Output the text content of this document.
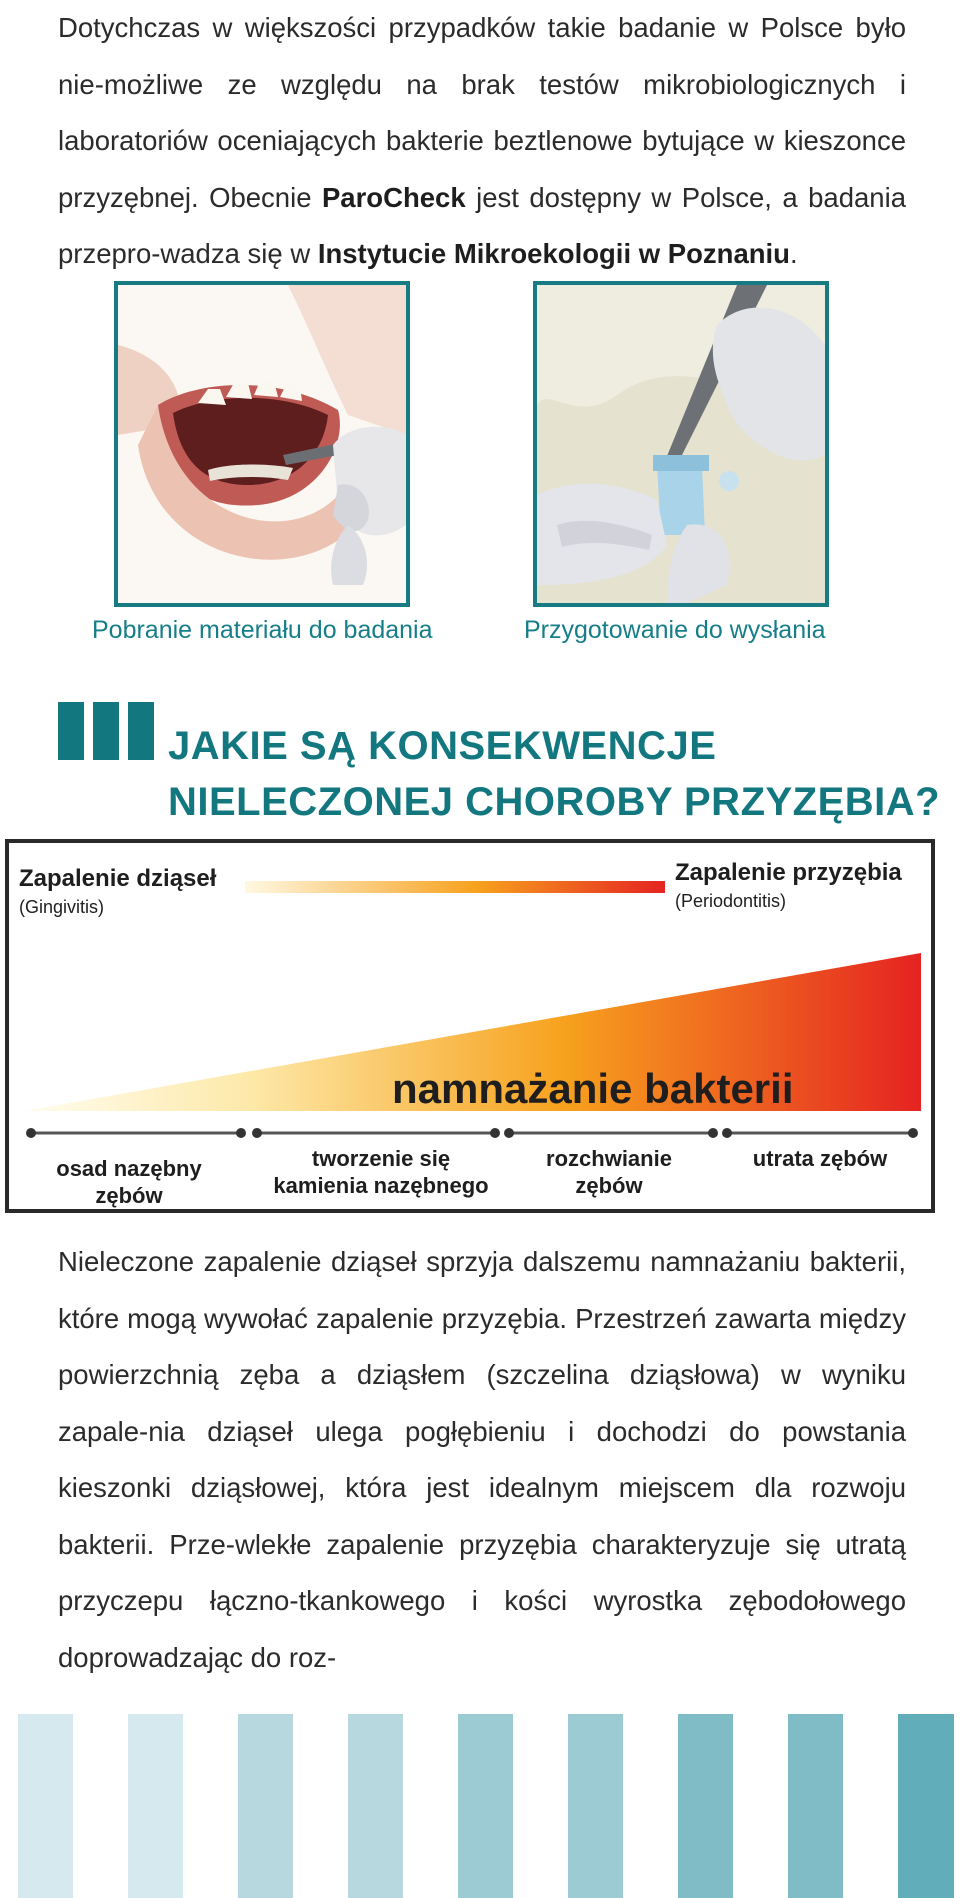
Dotychczas w większości przypadków takie badanie w Polsce było nie-możliwe ze względu na brak testów mikrobiologicznych i laboratoriów oceniających bakterie beztlenowe bytujące w kieszonce przyzębnej. Obecnie ParoCheck jest dostępny w Polsce, a badania przepro-wadza się w Instytucie Mikroekologii w Poznaniu.

Pobranie materiału do badania	Przygotowanie do wysłania
JAKIE SĄ KONSEKWENCJE
NIELECZONEJ CHOROBY PRZYZĘBIA?
Zapalenie dziąseł
(Gingivitis)
Zapalenie przyzębia
(Periodontitis)
namnażanie bakterii
osad nazębny
zębów
tworzenie się
kamienia nazębnego
rozchwianie
zębów
utrata zębów

Nieleczone zapalenie dziąseł sprzyja dalszemu namnażaniu bakterii, które mogą wywołać zapalenie przyzębia. Przestrzeń zawarta między powierzchnią zęba a dziąsłem (szczelina dziąsłowa) w wyniku zapale-nia dziąseł ulega pogłębieniu i dochodzi do powstania kieszonki dziąsłowej, która jest idealnym miejscem dla rozwoju bakterii. Prze-wlekłe zapalenie przyzębia charakteryzuje się utratą przyczepu łączno-tkankowego i kości wyrostka zębodołowego doprowadzając do roz-
